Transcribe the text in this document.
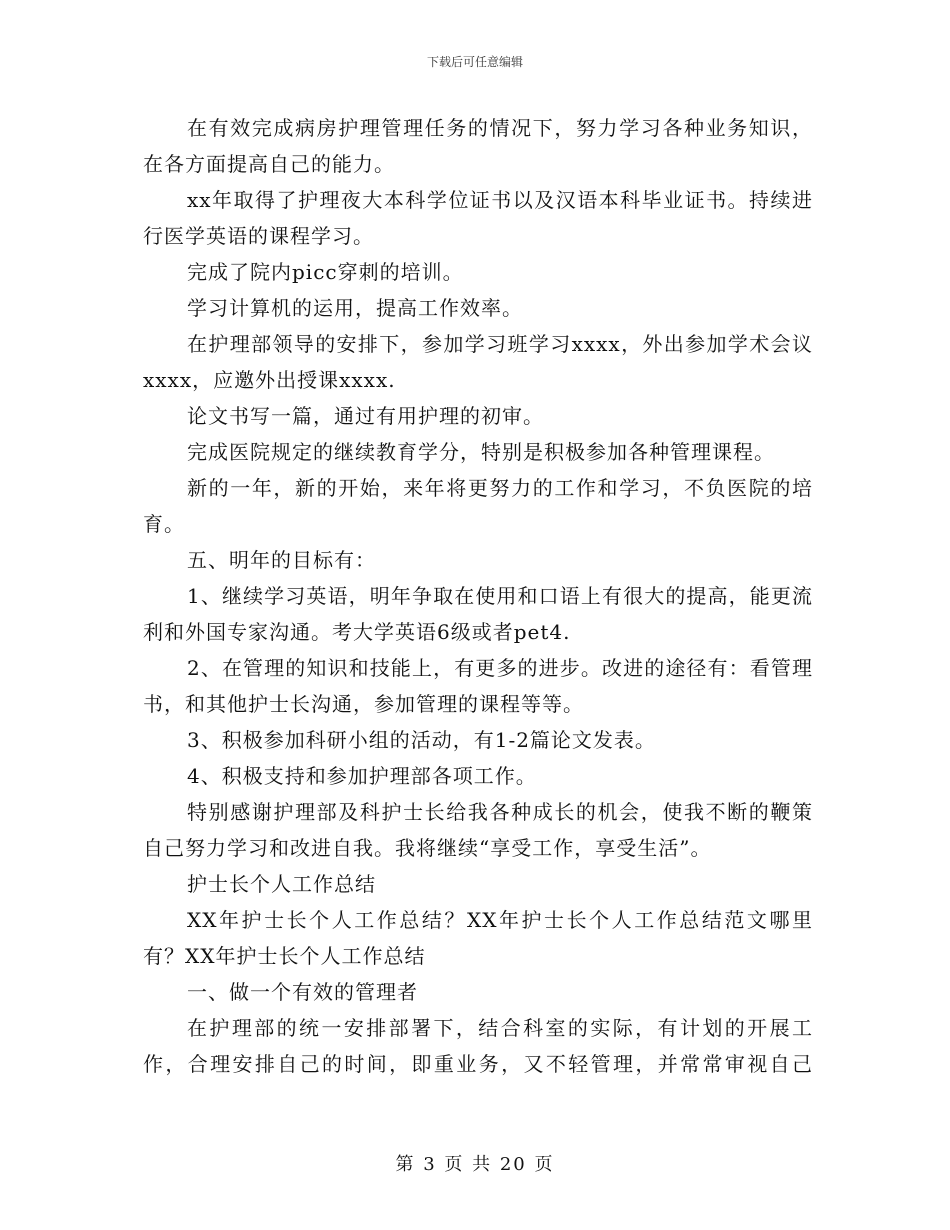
下载后可任意编辑

在有效完成病房护理管理任务的情况下，努力学习各种业务知识，在各方面提高自己的能力。

xx年取得了护理夜大本科学位证书以及汉语本科毕业证书。持续进行医学英语的课程学习。

完成了院内picc穿刺的培训。

学习计算机的运用，提高工作效率。

在护理部领导的安排下，参加学习班学习xxxx，外出参加学术会议xxxx，应邀外出授课xxxx.

论文书写一篇，通过有用护理的初审。

完成医院规定的继续教育学分，特别是积极参加各种管理课程。

新的一年，新的开始，来年将更努力的工作和学习，不负医院的培育。

五、明年的目标有：

1、继续学习英语，明年争取在使用和口语上有很大的提高，能更流利和外国专家沟通。考大学英语6级或者pet4.

2、在管理的知识和技能上，有更多的进步。改进的途径有：看管理书，和其他护士长沟通，参加管理的课程等等。

3、积极参加科研小组的活动，有1-2篇论文发表。

4、积极支持和参加护理部各项工作。

特别感谢护理部及科护士长给我各种成长的机会，使我不断的鞭策自己努力学习和改进自我。我将继续“享受工作，享受生活”。

护士长个人工作总结

XX年护士长个人工作总结？XX年护士长个人工作总结范文哪里有？XX年护士长个人工作总结

一、做一个有效的管理者

在护理部的统一安排部署下，结合科室的实际，有计划的开展工作，合理安排自己的时间，即重业务，又不轻管理，并常常审视自己

第 3 页 共 20 页
